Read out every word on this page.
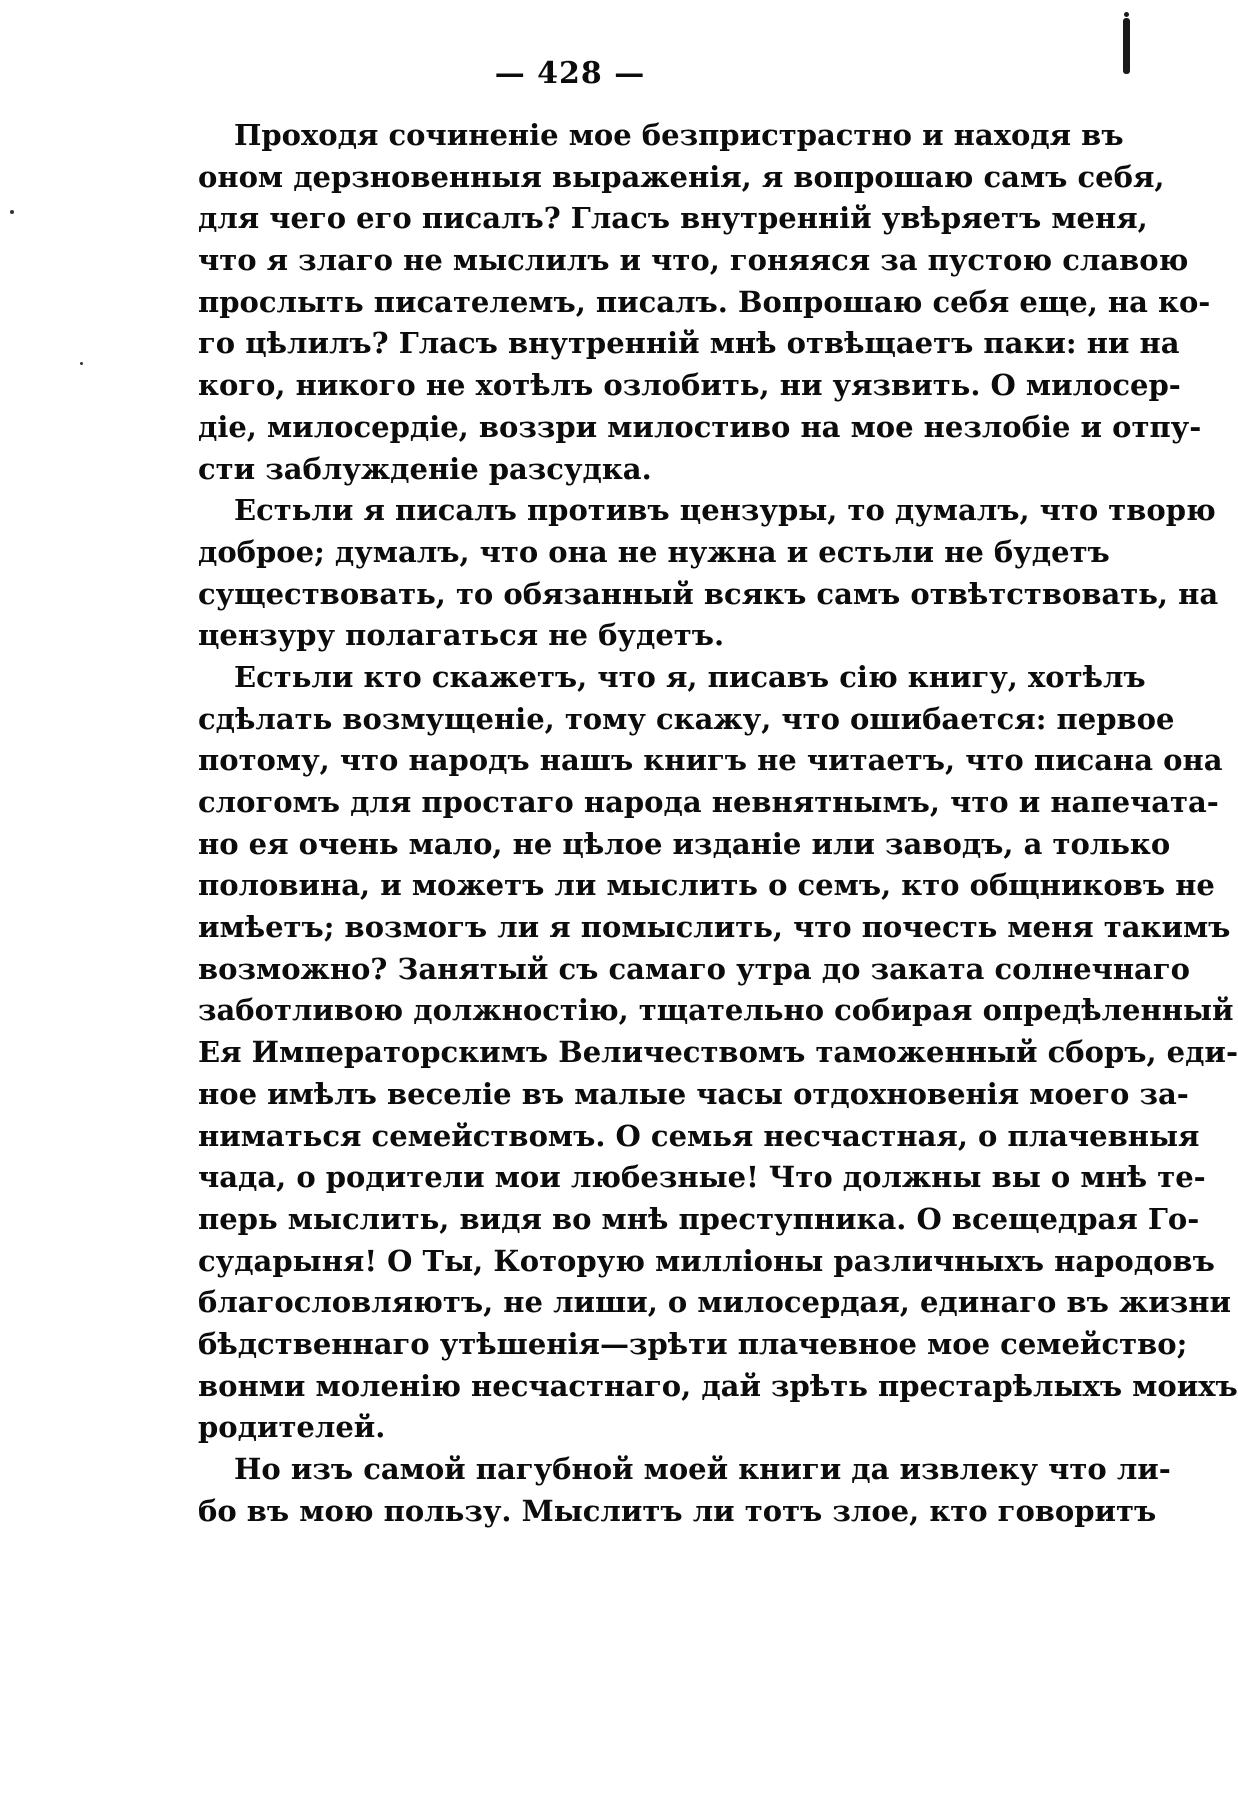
— 428 —
Проходя сочиненіе мое безпристрастно и находя въ
оном дерзновенныя выраженія, я вопрошаю самъ себя,
для чего его писалъ? Гласъ внутренній увѣряетъ меня,
что я злаго не мыслилъ и что, гоняяся за пустою славою
прослыть писателемъ, писалъ. Вопрошаю себя еще, на ко-
го цѣлилъ? Гласъ внутренній мнѣ отвѣщаетъ паки: ни на
кого, никого не хотѣлъ озлобить, ни уязвить. О милосер-
діе, милосердіе, воззри милостиво на мое незлобіе и отпу-
сти заблужденіе разсудка.
Естьли я писалъ противъ цензуры, то думалъ, что творю
доброе; думалъ, что она не нужна и естьли не будетъ
существовать, то обязанный всякъ самъ отвѣтствовать, на
цензуру полагаться не будетъ.
Естьли кто скажетъ, что я, писавъ сію книгу, хотѣлъ
сдѣлать возмущеніе, тому скажу, что ошибается: первое
потому, что народъ нашъ книгъ не читаетъ, что писана она
слогомъ для простаго народа невнятнымъ, что и напечата-
но ея очень мало, не цѣлое изданіе или заводъ, а только
половина, и можетъ ли мыслить о семъ, кто общниковъ не
имѣетъ; возмогъ ли я помыслить, что почесть меня такимъ
возможно? Занятый съ самаго утра до заката солнечнаго
заботливою должностію, тщательно собирая опредѣленный
Ея Императорскимъ Величествомъ таможенный сборъ, еди-
ное имѣлъ веселіе въ малые часы отдохновенія моего за-
ниматься семействомъ. О семья несчастная, о плачевныя
чада, о родители мои любезные! Что должны вы о мнѣ те-
перь мыслить, видя во мнѣ преступника. О всещедрая Го-
сударыня! О Ты, Которую милліоны различныхъ народовъ
благословляютъ, не лиши, о милосердая, единаго въ жизни
бѣдственнаго утѣшенія—зрѣти плачевное мое семейство;
вонми моленію несчастнаго, дай зрѣть престарѣлыхъ моихъ
родителей.
Но изъ самой пагубной моей книги да извлеку что ли-
бо въ мою пользу. Мыслитъ ли тотъ злое, кто говоритъ
